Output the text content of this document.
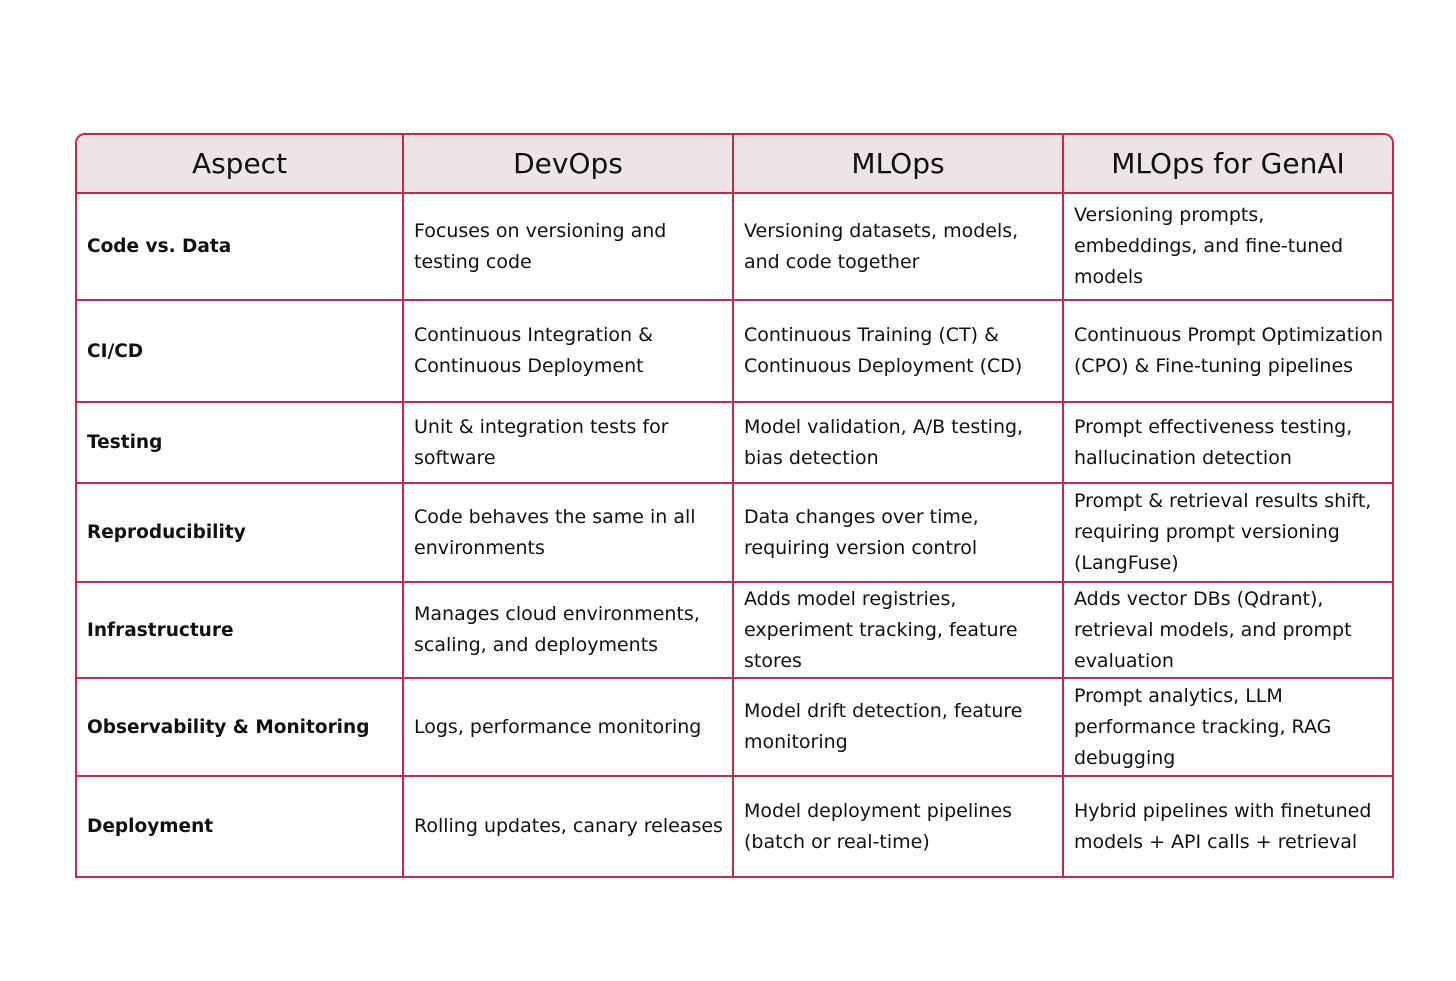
Aspect	DevOps	MLOps	MLOps for GenAI
Code vs. Data	Focuses on versioning and testing code	Versioning datasets, models, and code together	Versioning prompts, embeddings, and fine-tuned models
CI/CD	Continuous Integration & Continuous Deployment	Continuous Training (CT) & Continuous Deployment (CD)	Continuous Prompt Optimization (CPO) & Fine-tuning pipelines
Testing	Unit & integration tests for software	Model validation, A/B testing, bias detection	Prompt effectiveness testing, hallucination detection
Reproducibility	Code behaves the same in all environments	Data changes over time, requiring version control	Prompt & retrieval results shift, requiring prompt versioning (LangFuse)
Infrastructure	Manages cloud environments, scaling, and deployments	Adds model registries, experiment tracking, feature stores	Adds vector DBs (Qdrant), retrieval models, and prompt evaluation
Observability & Monitoring	Logs, performance monitoring	Model drift detection, feature monitoring	Prompt analytics, LLM performance tracking, RAG debugging
Deployment	Rolling updates, canary releases	Model deployment pipelines (batch or real-time)	Hybrid pipelines with finetuned models + API calls + retrieval
